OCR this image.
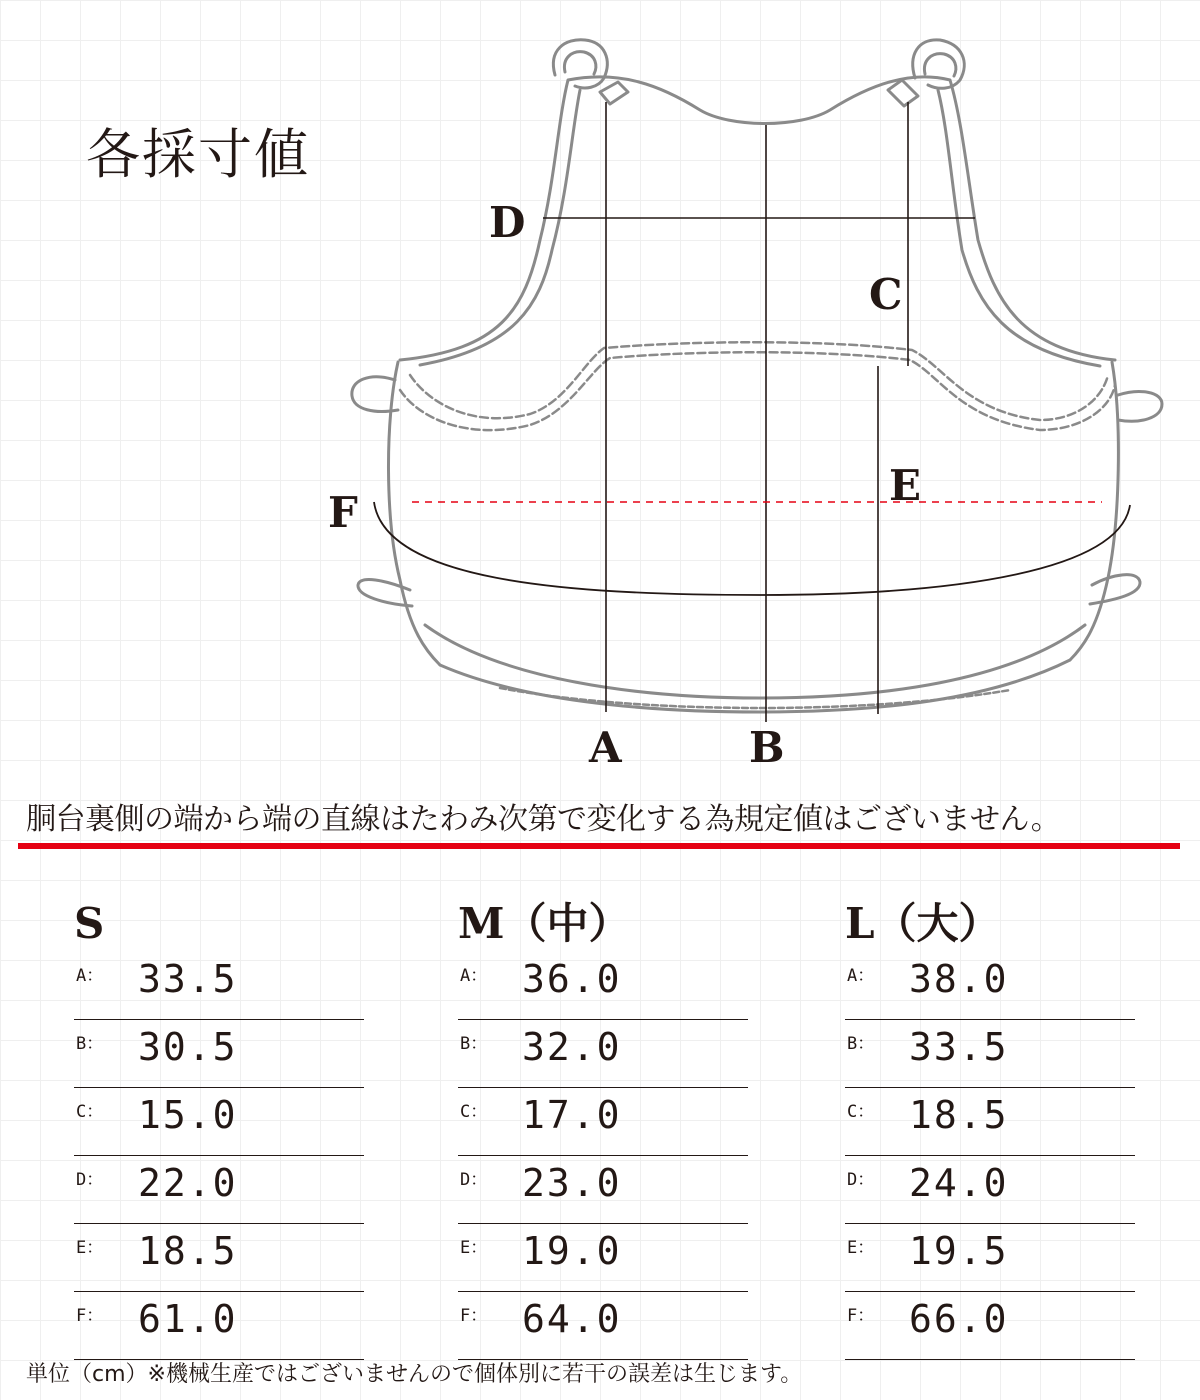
各採寸値
D
C
E
F
A	B
胴台裏側の端から端の直線はたわみ次第で変化する為規定値はございません。
S
A： 33.5
B： 30.5
C： 15.0
D： 22.0
E： 18.5
F： 61.0
M（中）
A： 36.0
B： 32.0
C： 17.0
D： 23.0
E： 19.0
F： 64.0
L（大）
A： 38.0
B： 33.5
C： 18.5
D： 24.0
E： 19.5
F： 66.0
単位（cm）※機械生産ではございませんので個体別に若干の誤差は生じます。
